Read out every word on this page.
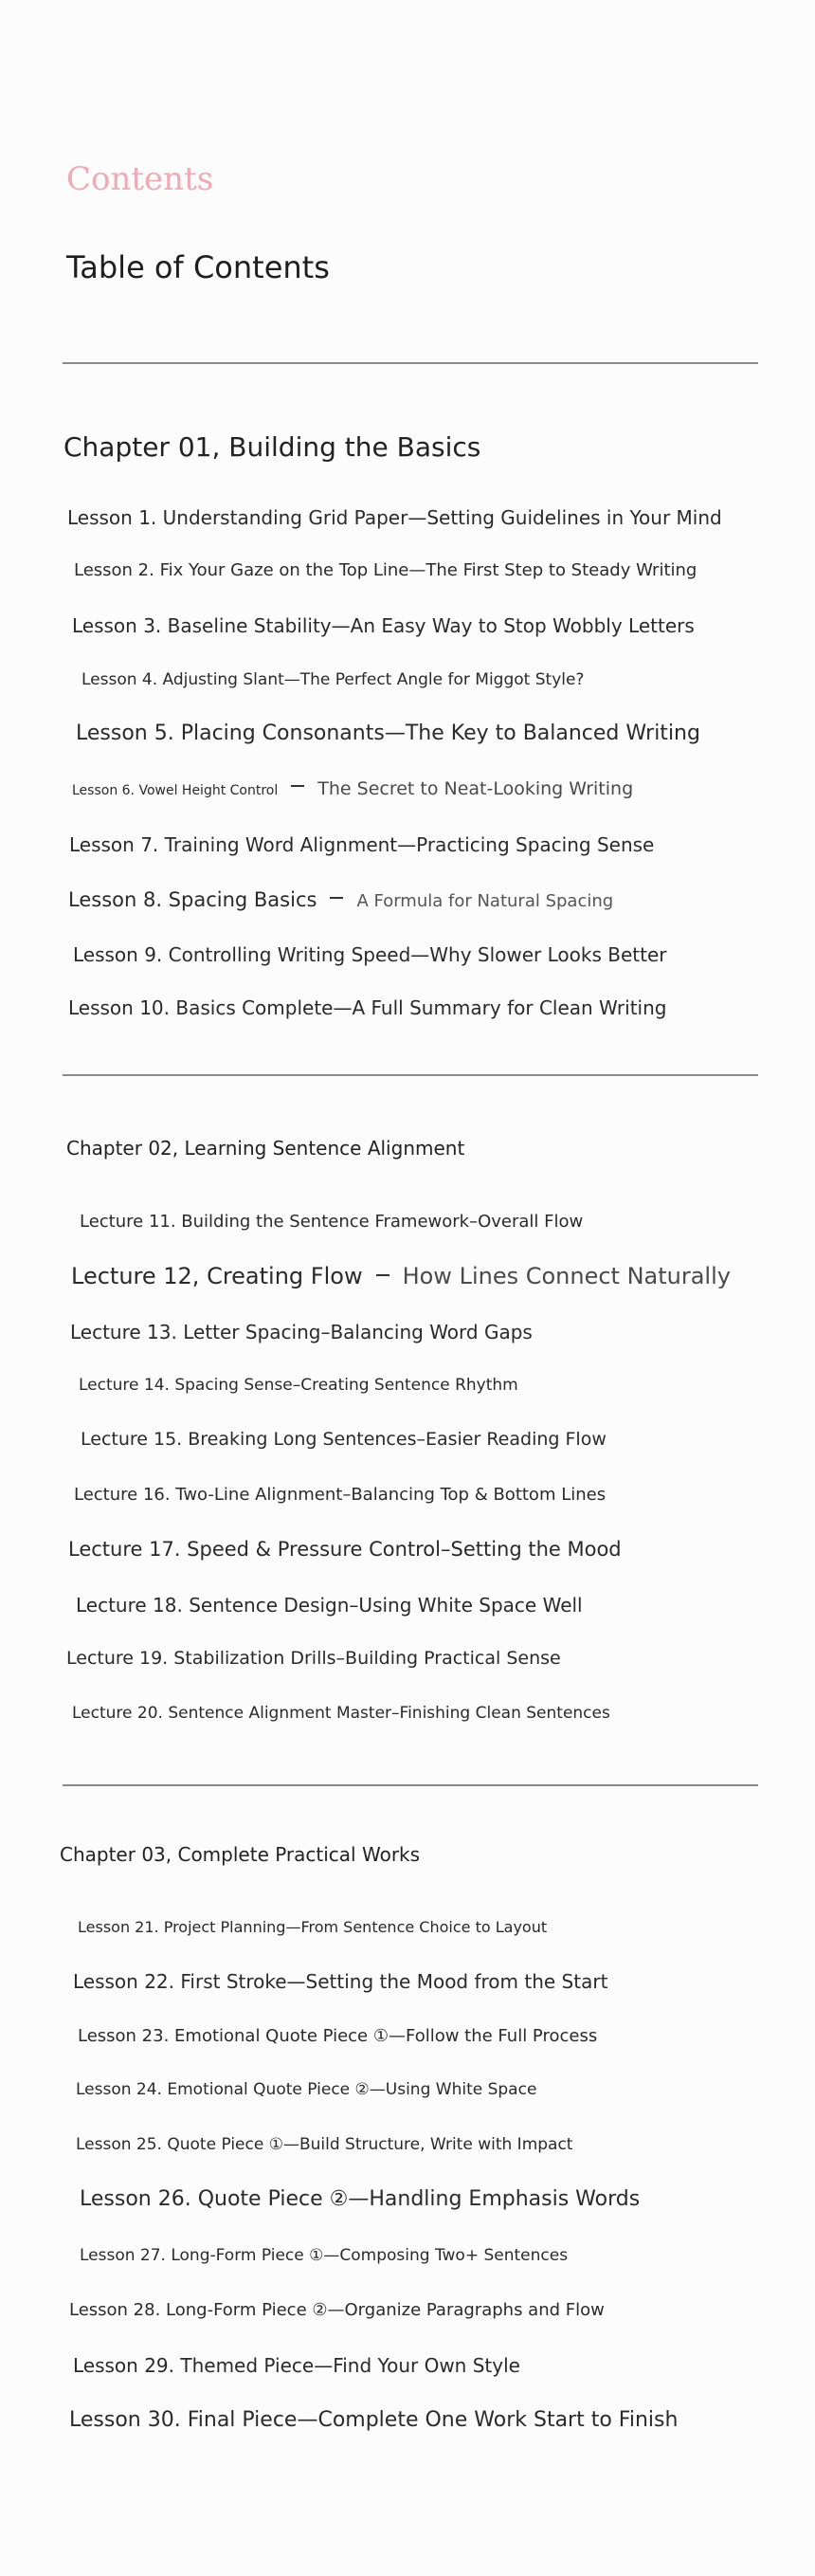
Contents
Table of Contents
Chapter 01, Building the Basics
Lesson 1. Understanding Grid Paper—Setting Guidelines in Your Mind
Lesson 2. Fix Your Gaze on the Top Line—The First Step to Steady Writing
Lesson 3. Baseline Stability—An Easy Way to Stop Wobbly Letters
Lesson 4. Adjusting Slant—The Perfect Angle for Miggot Style?
Lesson 5. Placing Consonants—The Key to Balanced Writing
Lesson 6. Vowel Height Control The Secret to Neat-Looking Writing
Lesson 7. Training Word Alignment—Practicing Spacing Sense
Lesson 8. Spacing Basics A Formula for Natural Spacing
Lesson 9. Controlling Writing Speed—Why Slower Looks Better
Lesson 10. Basics Complete—A Full Summary for Clean Writing
Chapter 02, Learning Sentence Alignment
Lecture 11. Building the Sentence Framework–Overall Flow
Lecture 12, Creating Flow How Lines Connect Naturally
Lecture 13. Letter Spacing–Balancing Word Gaps
Lecture 14. Spacing Sense–Creating Sentence Rhythm
Lecture 15. Breaking Long Sentences–Easier Reading Flow
Lecture 16. Two-Line Alignment–Balancing Top & Bottom Lines
Lecture 17. Speed & Pressure Control–Setting the Mood
Lecture 18. Sentence Design–Using White Space Well
Lecture 19. Stabilization Drills–Building Practical Sense
Lecture 20. Sentence Alignment Master–Finishing Clean Sentences
Chapter 03, Complete Practical Works
Lesson 21. Project Planning—From Sentence Choice to Layout
Lesson 22. First Stroke—Setting the Mood from the Start
Lesson 23. Emotional Quote Piece ①—Follow the Full Process
Lesson 24. Emotional Quote Piece ②—Using White Space
Lesson 25. Quote Piece ①—Build Structure, Write with Impact
Lesson 26. Quote Piece ②—Handling Emphasis Words
Lesson 27. Long-Form Piece ①—Composing Two+ Sentences
Lesson 28. Long-Form Piece ②—Organize Paragraphs and Flow
Lesson 29. Themed Piece—Find Your Own Style
Lesson 30. Final Piece—Complete One Work Start to Finish
